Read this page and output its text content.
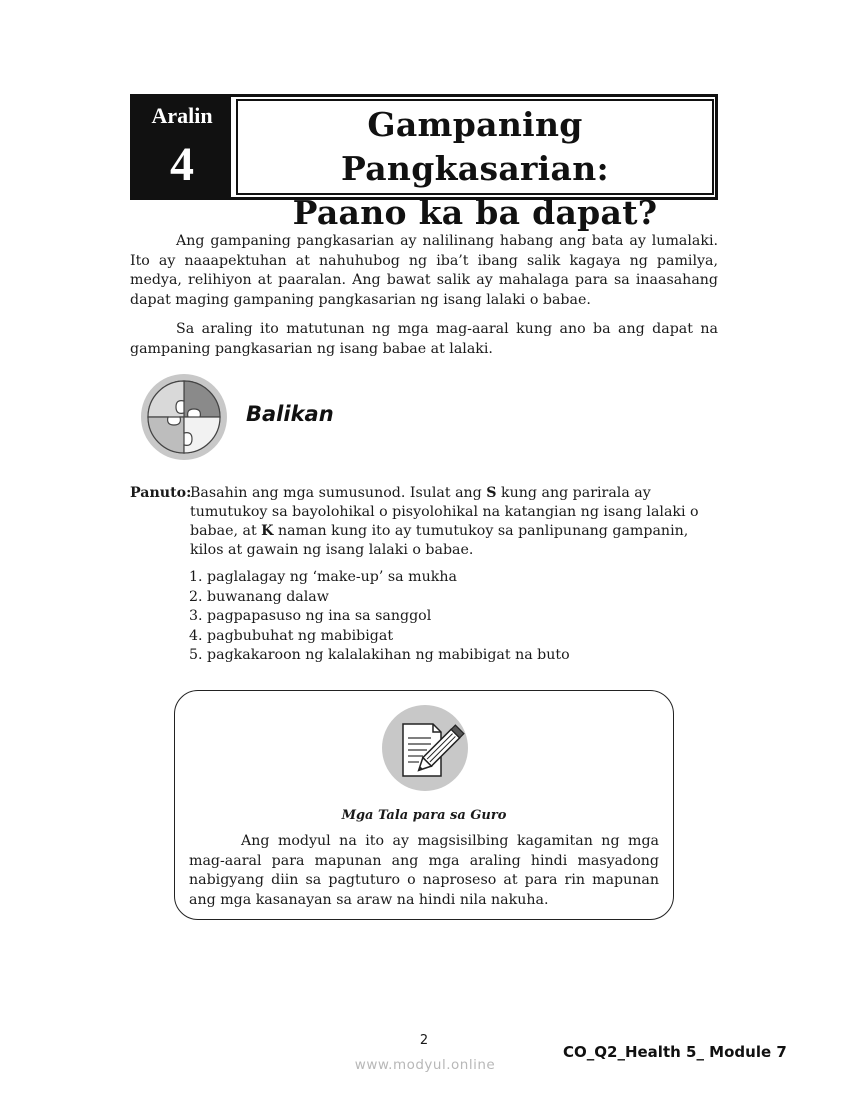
Aralin
4
Gampaning Pangkasarian:
Paano ka ba dapat?

Ang gampaning pangkasarian ay nalilinang habang ang bata ay lumalaki. Ito ay naaapektuhan at nahuhubog ng iba’t ibang salik kagaya ng pamilya, medya, relihiyon at paaralan. Ang bawat salik ay mahalaga para sa inaasahang dapat maging gampaning pangkasarian ng isang lalaki o babae.

Sa araling ito matutunan ng mga mag-aaral kung ano ba ang dapat na gampaning pangkasarian ng isang babae at lalaki.

Balikan
Panuto:Basahin ang mga sumusunod. Isulat ang S kung ang parirala ay tumutukoy sa bayolohikal o pisyolohikal na katangian ng isang lalaki o babae, at K naman kung ito ay tumutukoy sa panlipunang gampanin, kilos at gawain ng isang lalaki o babae.
1. paglalagay ng ‘make-up’ sa mukha
2. buwanang dalaw
3. pagpapasuso ng ina sa sanggol
4. pagbubuhat ng mabibigat
5. pagkakaroon ng kalalakihan ng mabibigat na buto
Mga Tala para sa Guro

Ang modyul na ito ay magsisilbing kagamitan ng mga mag-aaral para mapunan ang mga araling hindi masyadong nabigyang diin sa pagtuturo o naproseso at para rin mapunan ang mga kasanayan sa araw na hindi nila nakuha.

2
www.modyul.online
CO_Q2_Health 5_ Module 7
